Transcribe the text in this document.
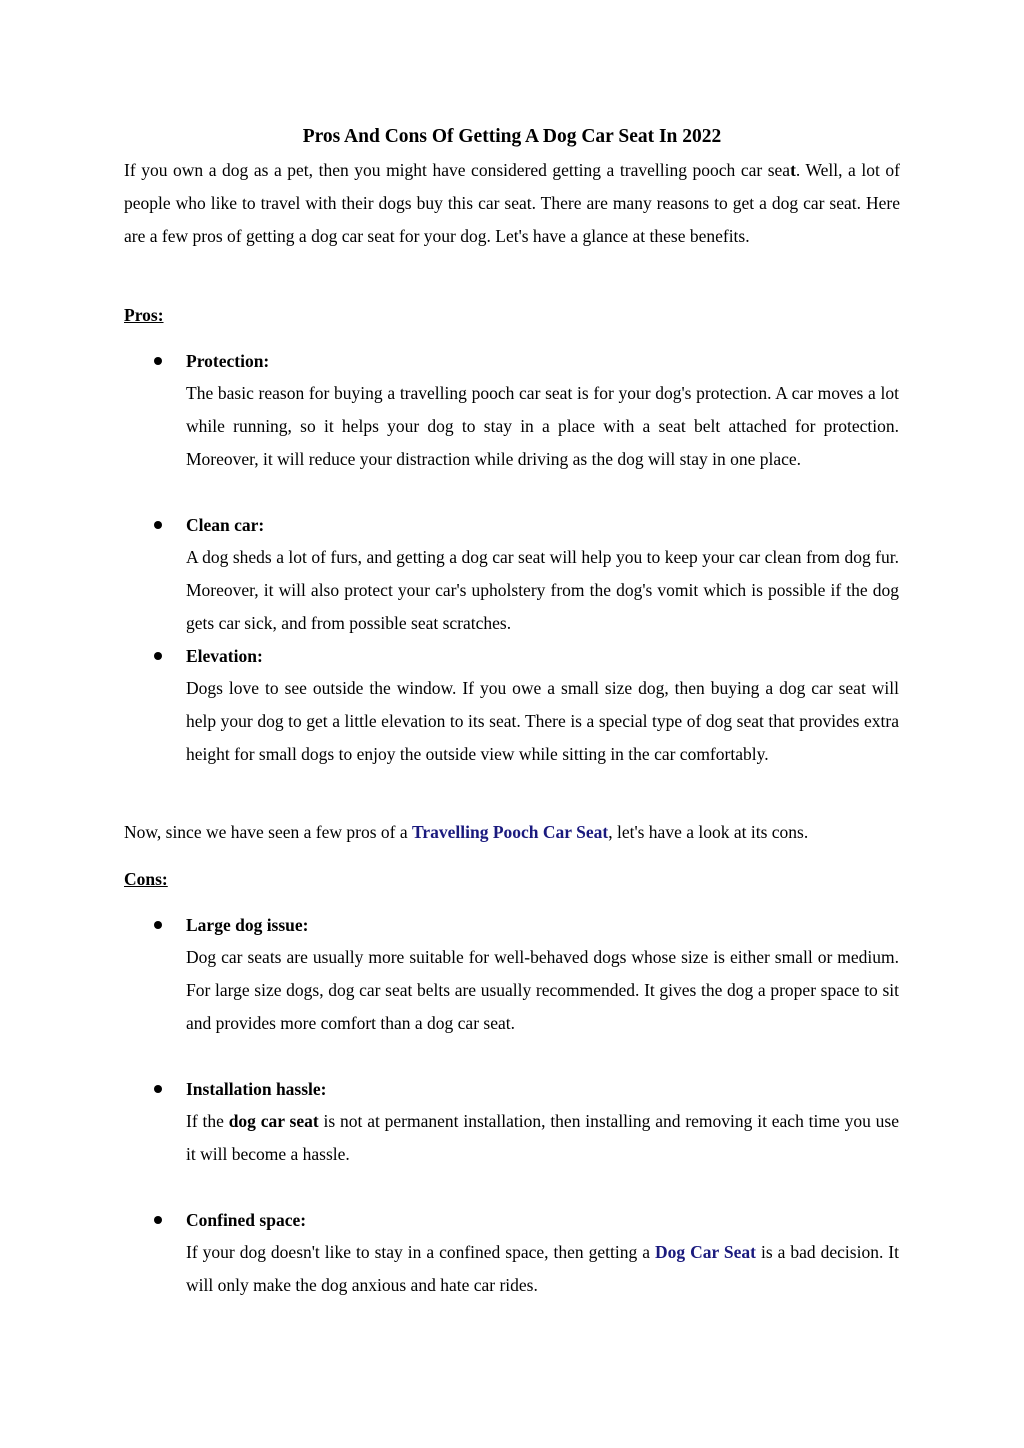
Pros And Cons Of Getting A Dog Car Seat In 2022

If you own a dog as a pet, then you might have considered getting a travelling pooch car seat. Well, a lot of people who like to travel with their dogs buy this car seat. There are many reasons to get a dog car seat. Here are a few pros of getting a dog car seat for your dog. Let's have a glance at these benefits.

Pros:
Protection:

The basic reason for buying a travelling pooch car seat is for your dog's protection. A car moves a lot while running, so it helps your dog to stay in a place with a seat belt attached for protection. Moreover, it will reduce your distraction while driving as the dog will stay in one place.

Clean car:

A dog sheds a lot of furs, and getting a dog car seat will help you to keep your car clean from dog fur. Moreover, it will also protect your car's upholstery from the dog's vomit which is possible if the dog gets car sick, and from possible seat scratches.

Elevation:

Dogs love to see outside the window. If you owe a small size dog, then buying a dog car seat will help your dog to get a little elevation to its seat. There is a special type of dog seat that provides extra height for small dogs to enjoy the outside view while sitting in the car comfortably.

Now, since we have seen a few pros of a Travelling Pooch Car Seat, let's have a look at its cons.

Cons:
Large dog issue:

Dog car seats are usually more suitable for well-behaved dogs whose size is either small or medium. For large size dogs, dog car seat belts are usually recommended. It gives the dog a proper space to sit and provides more comfort than a dog car seat.

Installation hassle:

If the dog car seat is not at permanent installation, then installing and removing it each time you use it will become a hassle.

Confined space:

If your dog doesn't like to stay in a confined space, then getting a Dog Car Seat is a bad decision. It will only make the dog anxious and hate car rides.
